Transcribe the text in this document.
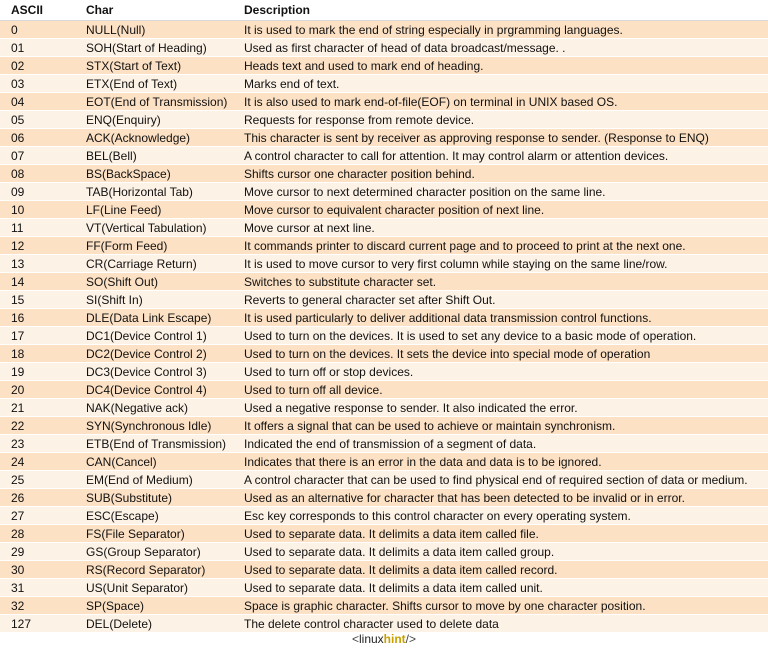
ASCII	Char	Description
0	NULL(Null)	It is used to mark the end of string especially in prgramming languages.
01	SOH(Start of Heading)	Used as first character of head of data broadcast/message. .
02	STX(Start of Text)	Heads text and used to mark end of heading.
03	ETX(End of Text)	Marks end of text.
04	EOT(End of Transmission)	It is also used to mark end-of-file(EOF) on terminal in UNIX based OS.
05	ENQ(Enquiry)	Requests for response from remote device.
06	ACK(Acknowledge)	This character is sent by receiver as approving response to sender. (Response to ENQ)
07	BEL(Bell)	A control character to call for attention. It may control alarm or attention devices.
08	BS(BackSpace)	Shifts cursor one character position behind.
09	TAB(Horizontal Tab)	Move cursor to next determined character position on the same line.
10	LF(Line Feed)	Move cursor to equivalent character position of next line.
11	VT(Vertical Tabulation)	Move cursor at next line.
12	FF(Form Feed)	It commands printer to discard current page and to proceed to print at the next one.
13	CR(Carriage Return)	It is used to move cursor to very first column while staying on the same line/row.
14	SO(Shift Out)	Switches to substitute character set.
15	SI(Shift In)	Reverts to general character set after Shift Out.
16	DLE(Data Link Escape)	It is used particularly to deliver additional data transmission control functions.
17	DC1(Device Control 1)	Used to turn on the devices. It is used to set any device to a basic mode of operation.
18	DC2(Device Control 2)	Used to turn on the devices. It sets the device into special mode of operation
19	DC3(Device Control 3)	Used to turn off or stop devices.
20	DC4(Device Control 4)	Used to turn off all device.
21	NAK(Negative ack)	Used a negative response to sender. It also indicated the error.
22	SYN(Synchronous Idle)	It offers a signal that can be used to achieve or maintain synchronism.
23	ETB(End of Transmission)	Indicated the end of transmission of a segment of data.
24	CAN(Cancel)	Indicates that there is an error in the data and data is to be ignored.
25	EM(End of Medium)	A control character that can be used to find physical end of required section of data or medium.
26	SUB(Substitute)	Used as an alternative for character that has been detected to be invalid or in error.
27	ESC(Escape)	Esc key corresponds to this control character on every operating system.
28	FS(File Separator)	Used to separate data. It delimits a data item called file.
29	GS(Group Separator)	Used to separate data. It delimits a data item called group.
30	RS(Record Separator)	Used to separate data. It delimits a data item called record.
31	US(Unit Separator)	Used to separate data. It delimits a data item called unit.
32	SP(Space)	Space is graphic character. Shifts cursor to move by one character position.
127	DEL(Delete)	The delete control character used to delete data
<linuxhint/>
